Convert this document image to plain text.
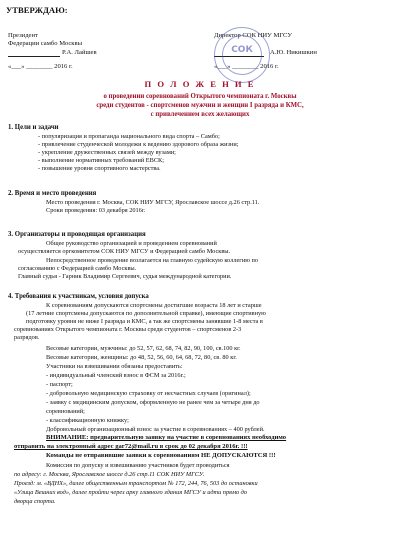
УТВЕРЖДАЮ:
Президент
Федерации самбо Москвы
Р.А. Лайшев
«___» ________ 2016 г.
Директор СОК НИУ МГСУ
А.Ю. Никишкин
«___» ________ 2016 г.
СОК
П О Л О Ж Е Н И Е
о проведении соревнований Открытого чемпионата г. Москвы
среди студентов - спортсменов мужчин и женщин I разряда и КМС,
с привлечением всех желающих
1. Цели и задачи
- популяризация и пропаганда национального вида спорта – Самбо;
- привлечение студенческой молодежи к ведению здорового образа жизни;
- укрепление дружественных связей между вузами;
- выполнение нормативных требований ЕВСК;
- повышение уровня спортивного мастерства.
2. Время и место проведения
Место проведения г. Москва, СОК НИУ МГСУ, Ярославское шоссе д.26 стр.11.
Сроки проведения: 03 декабря 2016г.
3. Организаторы и проводящая организация
Общее руководство организацией и проведением соревнований
осуществляется оргкомитетом СОК НИУ МГСУ и Федерацией самбо Москвы.
Непосредственное проведение возлагается на главную судейскую коллегию по
согласованию с Федерацией самбо Москвы.
Главный судья - Гарник Владимир Сергеевич, судья международной категории.
4. Требования к участникам, условия допуска
К соревнованиям допускаются спортсмены достигшие возраста 18 лет и старше
(17 летние спортсмены допускаются по дополнительной справке), имеющие спортивную
подготовку уровня не ниже I разряда и КМС, а так же спортсмены занявшие 1-8 места в
соревнованиях Открытого чемпионата г. Москвы среди студентов – спортсменов 2-3
разрядов.
Весовые категории, мужчины: до 52, 57, 62, 68, 74, 82, 90, 100, св.100 кг.
Весовые категории, женщины: до 48, 52, 56, 60, 64, 68, 72, 80, св. 80 кг.
Участники на взвешивании обязаны предоставить:
- индивидуальный членский взнос в ФСМ за 2016г.;
- паспорт;
- добровольную медицинскую страховку от несчастных случаев (оригинал);
- заявку с медицинским допуском, оформленную не ранее чем за четыре дня до
соревнований;
- классификационную книжку;
Добровольный организационный взнос за участие в соревнованиях – 400 рублей.
ВНИМАНИЕ: предварительную заявку на участие в соревнованиях необходимо
отправить на электронный адрес gar72@mail.ru в срок до 02 декабря 2016г. !!!
Команды не отправившие заявки к соревнованиям НЕ ДОПУСКАЮТСЯ !!!
Комиссия по допуску и взвешиванию участников будет проводиться
по адресу: г. Москва, Ярославское шоссе д.26 стр.11 СОК НИУ МГСУ.
Проезд: м. «ВДНХ», далее общественным транспортом № 172, 244, 76, 503 до остановки
«Улица Вешних вод», далее пройти через арку главного здания МГСУ и идти прямо до
дворца спорта.
